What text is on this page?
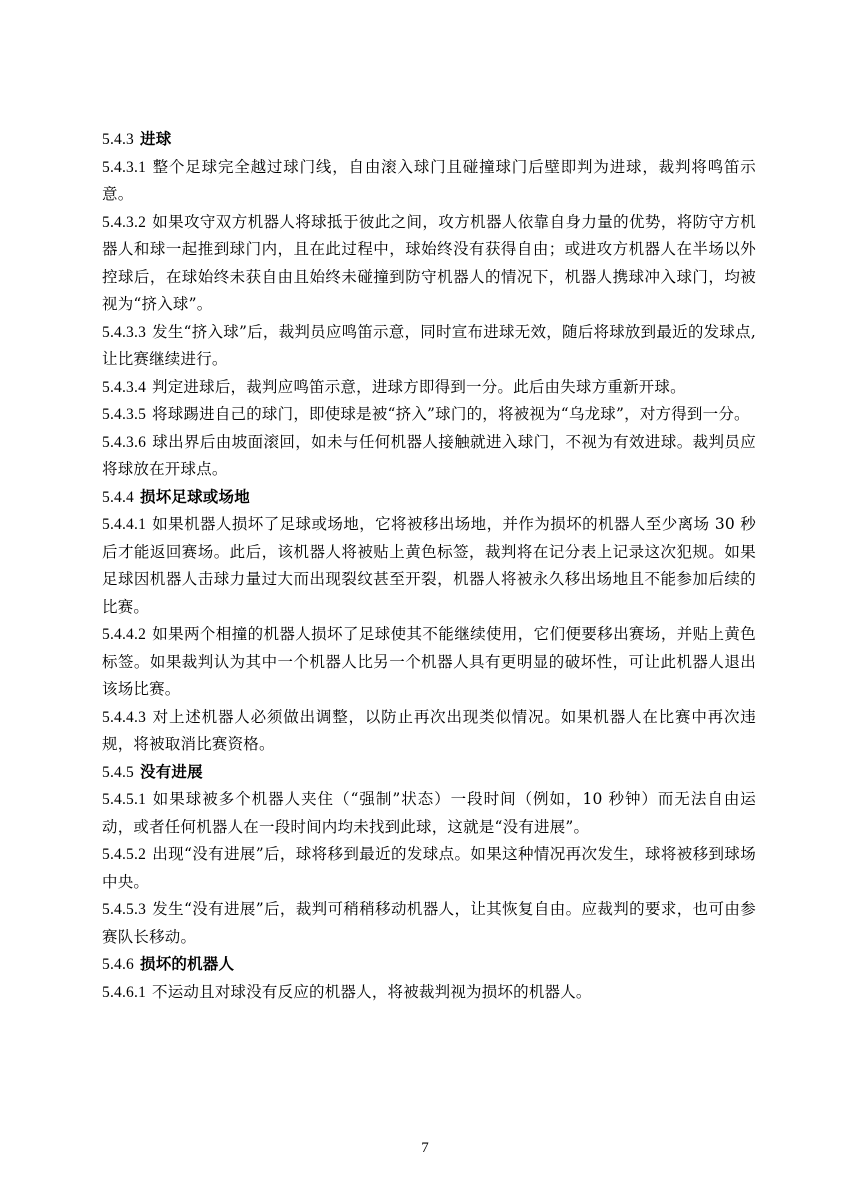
5.4.3 进球

5.4.3.1 整个足球完全越过球门线，自由滚入球门且碰撞球门后壁即判为进球，裁判将鸣笛示意。

5.4.3.2 如果攻守双方机器人将球抵于彼此之间，攻方机器人依靠自身力量的优势，将防守方机器人和球一起推到球门内，且在此过程中，球始终没有获得自由；或进攻方机器人在半场以外控球后，在球始终未获自由且始终未碰撞到防守机器人的情况下，机器人携球冲入球门，均被视为“挤入球”。

5.4.3.3 发生“挤入球”后，裁判员应鸣笛示意，同时宣布进球无效，随后将球放到最近的发球点, 让比赛继续进行。

5.4.3.4 判定进球后，裁判应鸣笛示意，进球方即得到一分。此后由失球方重新开球。

5.4.3.5 将球踢进自己的球门，即使球是被“挤入”球门的，将被视为“乌龙球”，对方得到一分。

5.4.3.6 球出界后由坡面滚回，如未与任何机器人接触就进入球门，不视为有效进球。裁判员应将球放在开球点。

5.4.4 损坏足球或场地

5.4.4.1 如果机器人损坏了足球或场地，它将被移出场地，并作为损坏的机器人至少离场 30 秒后才能返回赛场。此后，该机器人将被贴上黄色标签，裁判将在记分表上记录这次犯规。如果足球因机器人击球力量过大而出现裂纹甚至开裂，机器人将被永久移出场地且不能参加后续的比赛。

5.4.4.2 如果两个相撞的机器人损坏了足球使其不能继续使用，它们便要移出赛场，并贴上黄色标签。如果裁判认为其中一个机器人比另一个机器人具有更明显的破坏性，可让此机器人退出该场比赛。

5.4.4.3 对上述机器人必须做出调整，以防止再次出现类似情况。如果机器人在比赛中再次违规，将被取消比赛资格。

5.4.5 没有进展

5.4.5.1 如果球被多个机器人夹住（“强制”状态）一段时间（例如，10 秒钟）而无法自由运动，或者任何机器人在一段时间内均未找到此球，这就是“没有进展”。

5.4.5.2 出现“没有进展”后，球将移到最近的发球点。如果这种情况再次发生，球将被移到球场中央。

5.4.5.3 发生“没有进展”后，裁判可稍稍移动机器人，让其恢复自由。应裁判的要求，也可由参赛队长移动。

5.4.6 损坏的机器人

5.4.6.1 不运动且对球没有反应的机器人，将被裁判视为损坏的机器人。

7
